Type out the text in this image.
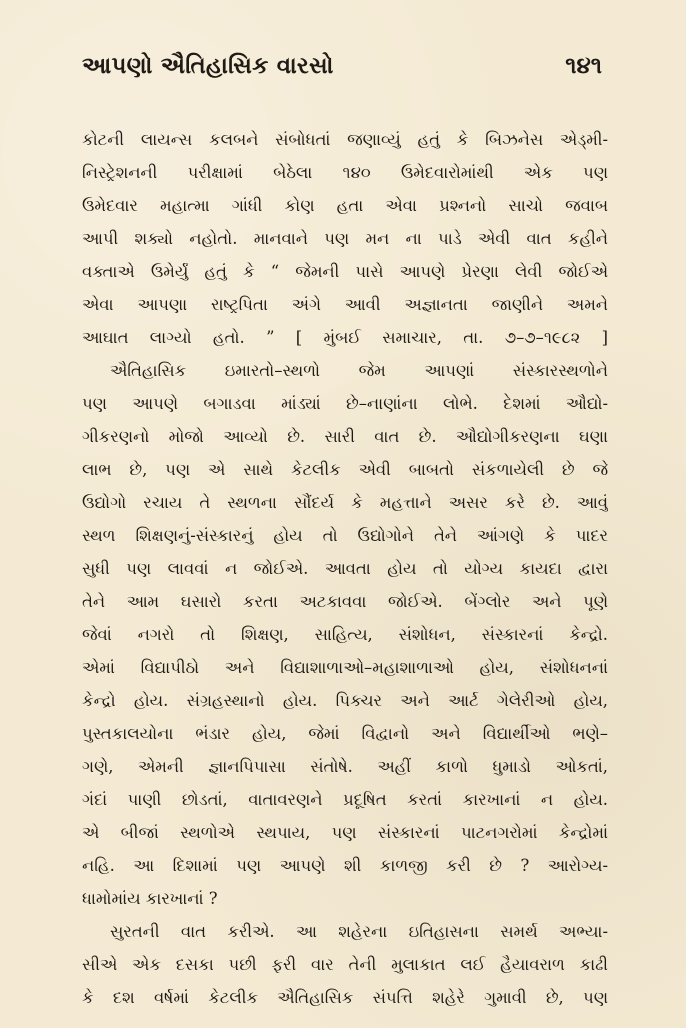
આપણો ઐતિહાસિક વારસો	૧૪૧
કોટની લાયન્સ કલબને સંબોધતાં જણાવ્યું હતું કે બિઝનેસ એડ્મી-
નિસ્ટ્રેશનની પરીક્ષામાં બેઠેલા ૧૪૦ ઉમેદવારોમાંથી એક પણ
ઉમેદવાર મહાત્મા ગાંધી કોણ હતા એવા પ્રશ્નનો સાચો જવાબ
આપી શક્યો નહોતો. માનવાને પણ મન ના પાડે એવી વાત કહીને
વક્તાએ ઉમેર્યું હતું કે “ જેમની પાસે આપણે પ્રેરણા લેવી જોઈએ
એવા આપણા રાષ્ટ્રપિતા અંગે આવી અજ્ઞાનતા જાણીને અમને
આઘાત લાગ્યો હતો. ” [ મુંબઈ સમાચાર, તા. ૭–૭–૧૯૮૨ ]
ઐતિહાસિક ઇમારતો–સ્થળો જેમ આપણાં સંસ્કારસ્થળોને
પણ આપણે બગાડવા માંડ્યાં છે–નાણાંના લોભે. દેશમાં ઔદ્યો-
ગીકરણનો મોજો આવ્યો છે. સારી વાત છે. ઔદ્યોગીકરણના ઘણા
લાભ છે, પણ એ સાથે કેટલીક એવી બાબતો સંકળાયેલી છે જે
ઉદ્યોગો રચાય તે સ્થળના સૌંદર્ય કે મહત્તાને અસર કરે છે. આવું
સ્થળ શિક્ષણનું-સંસ્કારનું હોય તો ઉદ્યોગોને તેને આંગણે કે પાદર
સુધી પણ લાવવાં ન જોઈએ. આવતા હોય તો યોગ્ય કાયદા દ્વારા
તેને આમ ઘસારો કરતા અટકાવવા જોઈએ. બેંગ્લોર અને પૂણે
જેવાં નગરો તો શિક્ષણ, સાહિત્ય, સંશોધન, સંસ્કારનાં કેન્દ્રો.
એમાં વિદ્યાપીઠો અને વિદ્યાશાળાઓ–મહાશાળાઓ હોય, સંશોધનનાં
કેન્દ્રો હોય. સંગ્રહસ્થાનો હોય. પિક્ચર અને આર્ટ ગેલેરીઓ હોય,
પુસ્તકાલયોના ભંડાર હોય, જેમાં વિદ્વાનો અને વિદ્યાર્થીઓ ભણે–
ગણે, એમની જ્ઞાનપિપાસા સંતોષે. અહીં કાળો ધુમાડો ઓકતાં,
ગંદાં પાણી છોડતાં, વાતાવરણને પ્રદૂષિત કરતાં કારખાનાં ન હોય.
એ બીજાં સ્થળોએ સ્થપાય, પણ સંસ્કારનાં પાટનગરોમાં કેન્દ્રોમાં
નહિ. આ દિશામાં પણ આપણે શી કાળજી કરી છે ? આરોગ્ય-
ધામોમાંય કારખાનાં ?
સુરતની વાત કરીએ. આ શહેરના ઇતિહાસના સમર્થ અભ્યા-
સીએ એક દસકા પછી ફરી વાર તેની મુલાકાત લઈ હૈયાવરાળ કાઢી
કે દશ વર્ષમાં કેટલીક ઐતિહાસિક સંપત્તિ શહેરે ગુમાવી છે, પણ
